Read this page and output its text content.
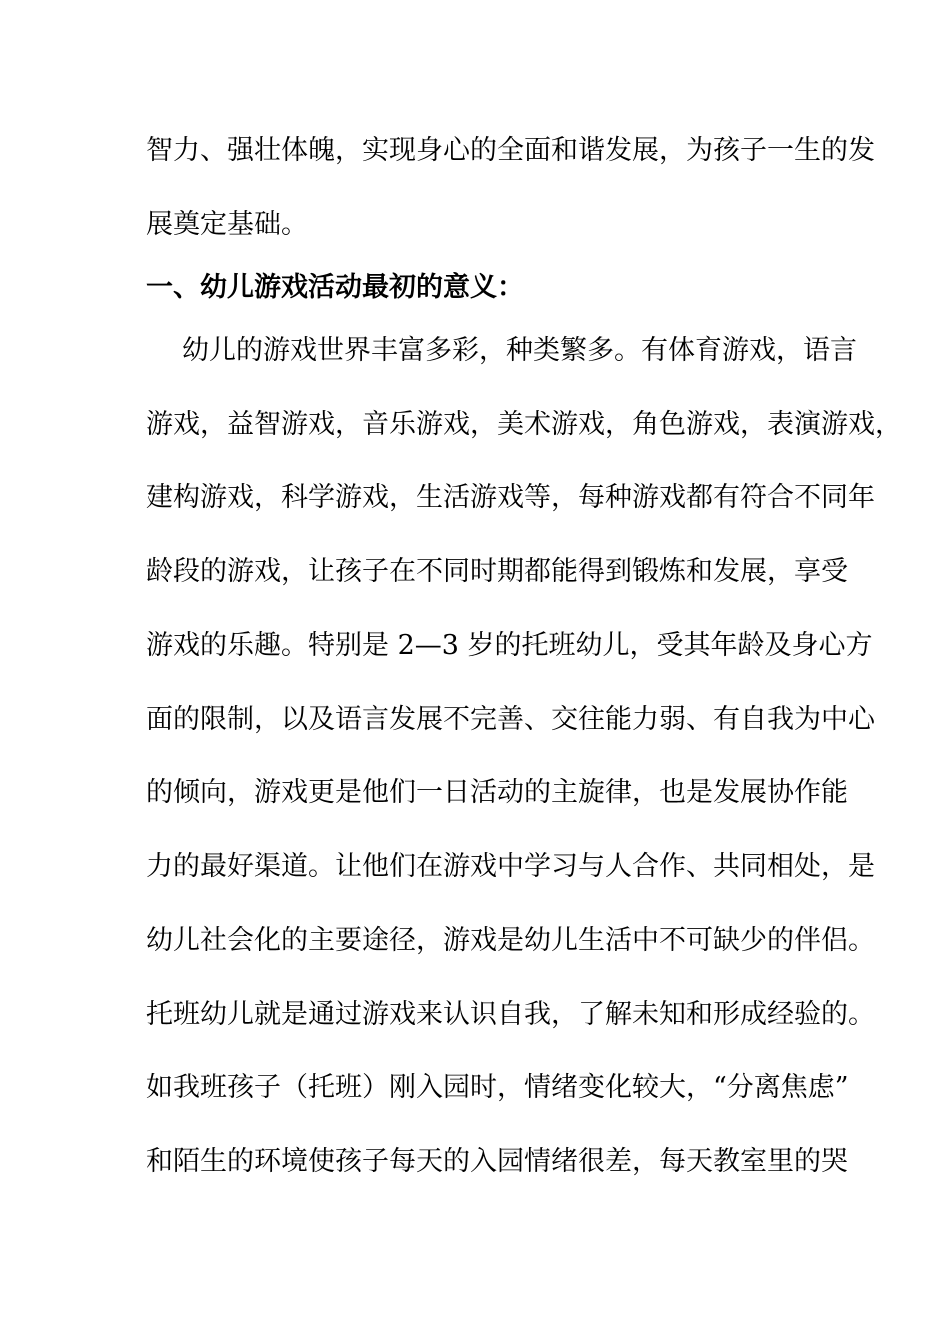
智力、强壮体魄，实现身心的全面和谐发展，为孩子一生的发
展奠定基础。
一、幼儿游戏活动最初的意义：
幼儿的游戏世界丰富多彩，种类繁多。有体育游戏，语言
游戏，益智游戏，音乐游戏，美术游戏，角色游戏，表演游戏，
建构游戏，科学游戏，生活游戏等，每种游戏都有符合不同年
龄段的游戏，让孩子在不同时期都能得到锻炼和发展，享受
游戏的乐趣。特别是 2—3 岁的托班幼儿，受其年龄及身心方
面的限制，以及语言发展不完善、交往能力弱、有自我为中心
的倾向，游戏更是他们一日活动的主旋律，也是发展协作能
力的最好渠道。让他们在游戏中学习与人合作、共同相处，是
幼儿社会化的主要途径，游戏是幼儿生活中不可缺少的伴侣。
托班幼儿就是通过游戏来认识自我，了解未知和形成经验的。
如我班孩子（托班）刚入园时，情绪变化较大，“分离焦虑”
和陌生的环境使孩子每天的入园情绪很差，每天教室里的哭
